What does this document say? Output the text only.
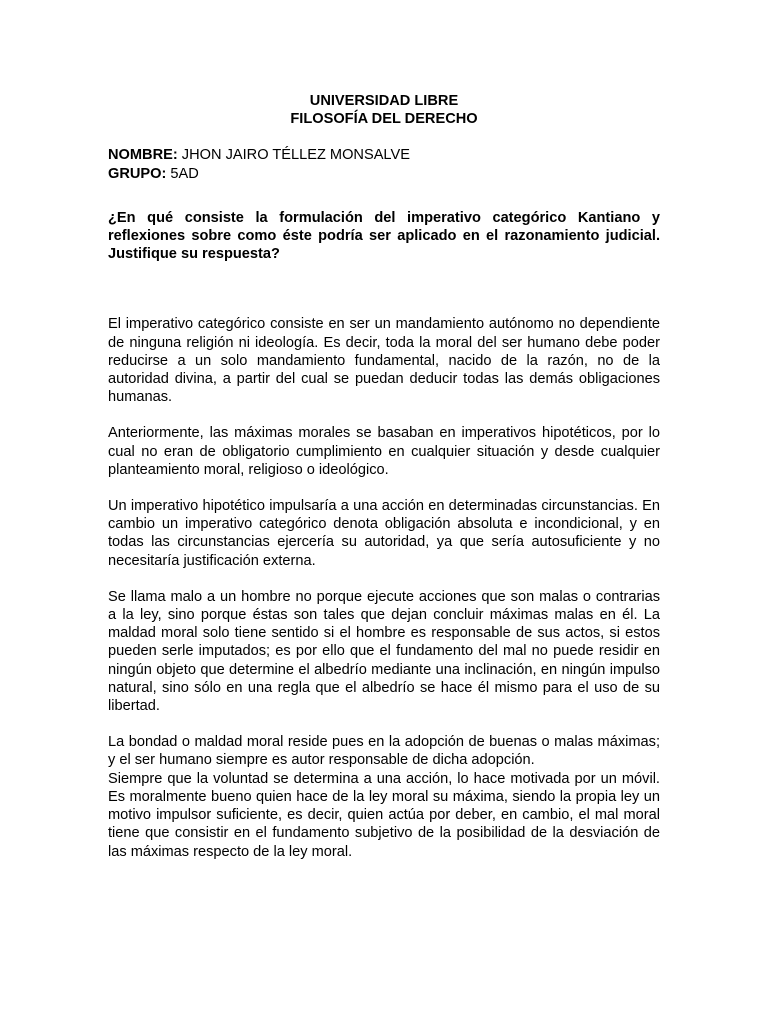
UNIVERSIDAD LIBRE
FILOSOFÍA DEL DERECHO
NOMBRE: JHON JAIRO TÉLLEZ MONSALVE
GRUPO: 5AD
¿En qué consiste la formulación del imperativo categórico Kantiano y reflexiones sobre como éste podría ser aplicado en el razonamiento judicial. Justifique su respuesta?

El imperativo categórico consiste en ser un mandamiento autónomo no dependiente de ninguna religión ni ideología. Es decir, toda la moral del ser humano debe poder reducirse a un solo mandamiento fundamental, nacido de la razón, no de la autoridad divina, a partir del cual se puedan deducir todas las demás obligaciones humanas.

Anteriormente, las máximas morales se basaban en imperativos hipotéticos, por lo cual no eran de obligatorio cumplimiento en cualquier situación y desde cualquier planteamiento moral, religioso o ideológico.

Un imperativo hipotético impulsaría a una acción en determinadas circunstancias. En cambio un imperativo categórico denota obligación absoluta e incondicional, y en todas las circunstancias ejercería su autoridad, ya que sería autosuficiente y no necesitaría justificación externa.

Se llama malo a un hombre no porque ejecute acciones que son malas o contrarias a la ley, sino porque éstas son tales que dejan concluir máximas malas en él. La maldad moral solo tiene sentido si el hombre es responsable de sus actos, si estos pueden serle imputados; es por ello que el fundamento del mal no puede residir en ningún objeto que determine el albedrío mediante una inclinación, en ningún impulso natural, sino sólo en una regla que el albedrío se hace él mismo para el uso de su libertad.

La bondad o maldad moral reside pues en la adopción de buenas o malas máximas; y el ser humano siempre es autor responsable de dicha adopción.

Siempre que la voluntad se determina a una acción, lo hace motivada por un móvil. Es moralmente bueno quien hace de la ley moral su máxima, siendo la propia ley un motivo impulsor suficiente, es decir, quien actúa por deber, en cambio, el mal moral tiene que consistir en el fundamento subjetivo de la posibilidad de la desviación de las máximas respecto de la ley moral.
